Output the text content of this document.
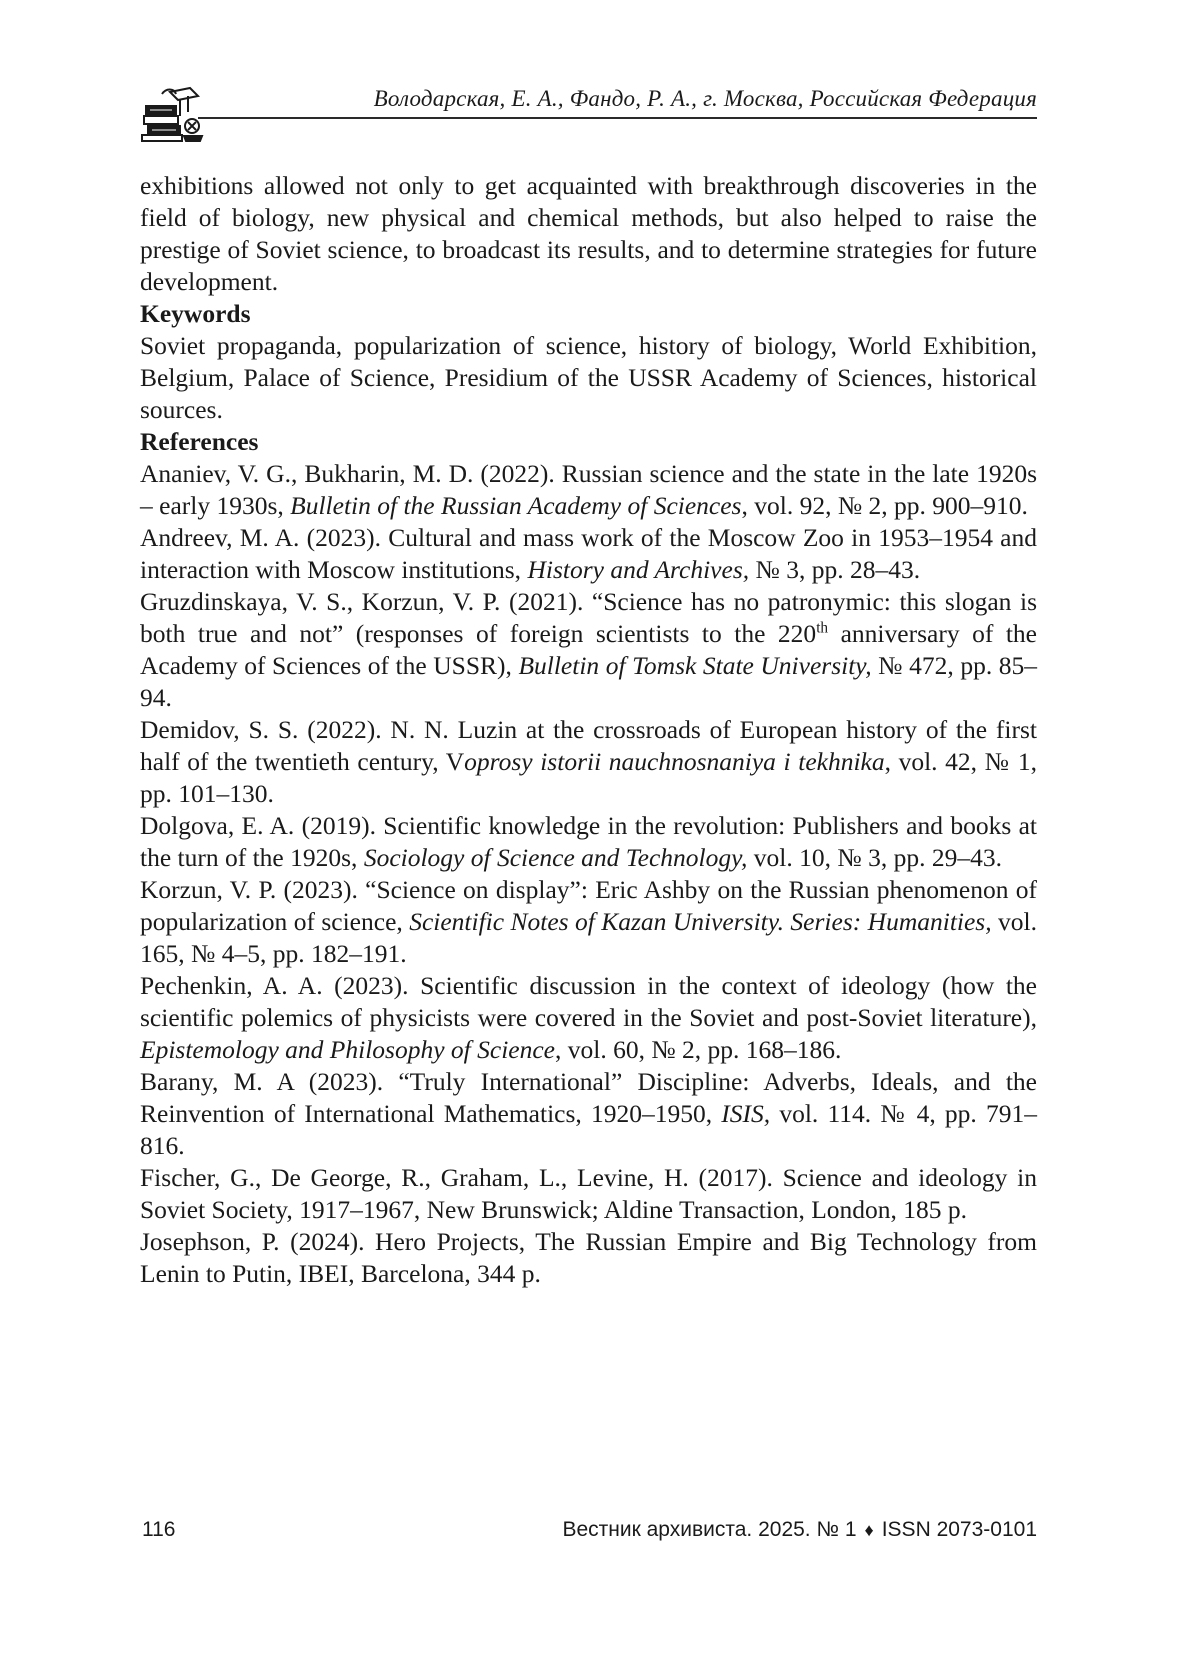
Володарская, Е. А., Фандо, Р. А., г. Москва, Российская Федерация

exhibitions allowed not only to get acquainted with breakthrough discoveries in the field of biology, new physical and chemical methods, but also helped to raise the prestige of Soviet science, to broadcast its results, and to determine strategies for future development.

Keywords

Soviet propaganda, popularization of science, history of biology, World Exhibition, Belgium, Palace of Science, Presidium of the USSR Academy of Sciences, historical sources.

References

Ananiev, V. G., Bukharin, M. D. (2022). Russian science and the state in the late 1920s – early 1930s, Bulletin of the Russian Academy of Sciences, vol. 92, № 2, pp. 900–910.

Andreev, M. A. (2023). Cultural and mass work of the Moscow Zoo in 1953–1954 and interaction with Moscow institutions, History and Archives, № 3, pp. 28–43.

Gruzdinskaya, V. S., Korzun, V. P. (2021). “Science has no patronymic: this slogan is both true and not” (responses of foreign scientists to the 220th anniversary of the Academy of Sciences of the USSR), Bulletin of Tomsk State University, № 472, pp. 85–94.

Demidov, S. S. (2022). N. N. Luzin at the crossroads of European history of the first half of the twentieth century, Voprosy istorii nauchnosnaniya i tekhnika, vol. 42, № 1, pp. 101–130.

Dolgova, E. A. (2019). Scientific knowledge in the revolution: Publishers and books at the turn of the 1920s, Sociology of Science and Technology, vol. 10, № 3, pp. 29–43.

Korzun, V. P. (2023). “Science on display”: Eric Ashby on the Russian phenomenon of popularization of science, Scientific Notes of Kazan University. Series: Humanities, vol. 165, № 4–5, pp. 182–191.

Pechenkin, A. A. (2023). Scientific discussion in the context of ideology (how the scientific polemics of physicists were covered in the Soviet and post-Soviet literature), Epistemology and Philosophy of Science, vol. 60, № 2, pp. 168–186.

Barany, M. A (2023). “Truly International” Discipline: Adverbs, Ideals, and the Reinvention of International Mathematics, 1920–1950, ISIS, vol. 114. № 4, pp. 791–816.

Fischer, G., De George, R., Graham, L., Levine, H. (2017). Science and ideology in Soviet Society, 1917–1967, New Brunswick; Aldine Transaction, London, 185 p.

Josephson, P. (2024). Hero Projects, The Russian Empire and Big Technology from Lenin to Putin, IBEI, Barcelona, 344 p.

116	Вестник архивиста. 2025. № 1 ♦ ISSN 2073-0101
